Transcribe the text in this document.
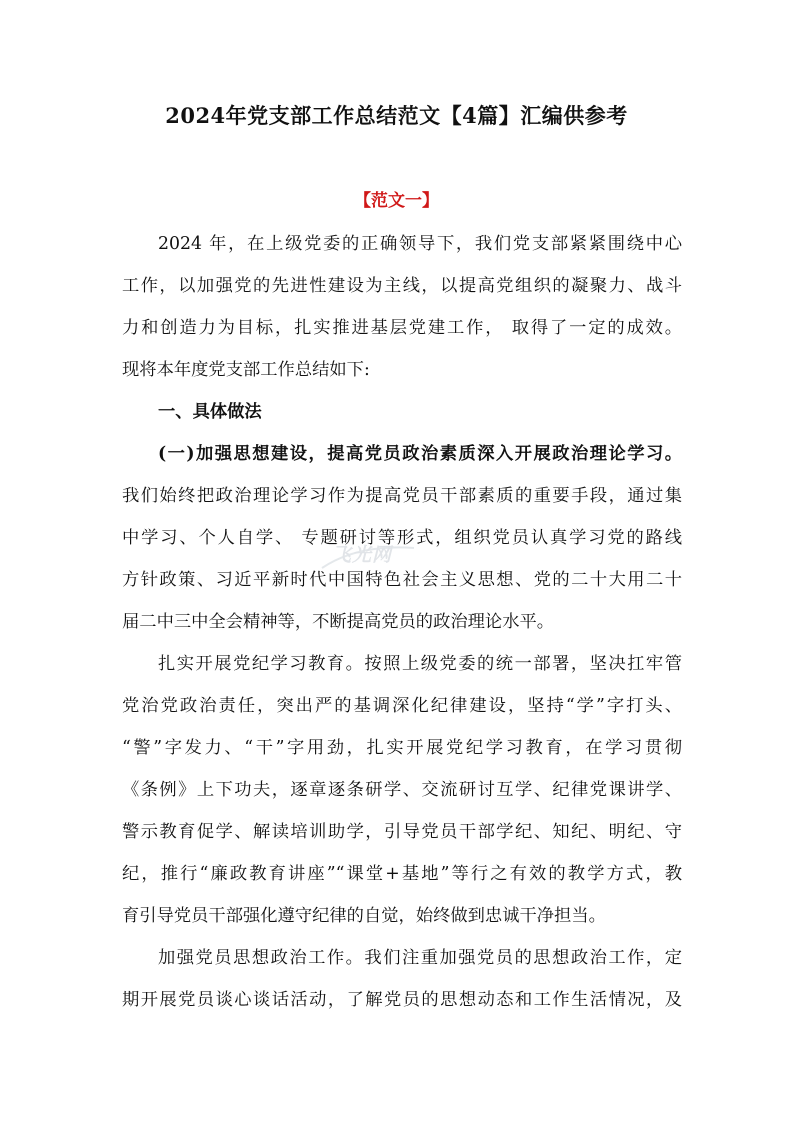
2024年党支部工作总结范文【4篇】汇编供参考
【范文一】
2024 年，在上级党委的正确领导下，我们党支部紧紧围绕中心
工作，以加强党的先进性建设为主线，以提高党组织的凝聚力、战斗
力和创造力为目标，扎实推进基层党建工作， 取得了一定的成效。
现将本年度党支部工作总结如下:
一、具体做法
(一)加强思想建设，提高党员政治素质深入开展政治理论学习。
我们始终把政治理论学习作为提高党员干部素质的重要手段，通过集
中学习、个人自学、 专题研讨等形式，组织党员认真学习党的路线
方针政策、习近平新时代中国特色社会主义思想、党的二十大用二十
届二中三中全会精神等，不断提高党员的政治理论水平。
扎实开展党纪学习教育。按照上级党委的统一部署，坚决扛牢管
党治党政治责任，突出严的基调深化纪律建设，坚持“学”字打头、
“警”字发力、“干”字用劲，扎实开展党纪学习教育，在学习贯彻
《条例》上下功夫，逐章逐条研学、交流研讨互学、纪律党课讲学、
警示教育促学、解读培训助学，引导党员干部学纪、知纪、明纪、守
纪，推行“廉政教育讲座”“课堂+基地”等行之有效的教学方式，教
育引导党员干部强化遵守纪律的自觉，始终做到忠诚干净担当。
加强党员思想政治工作。我们注重加强党员的思想政治工作，定
期开展党员谈心谈话活动，了解党员的思想动态和工作生活情况，及
飞光网
